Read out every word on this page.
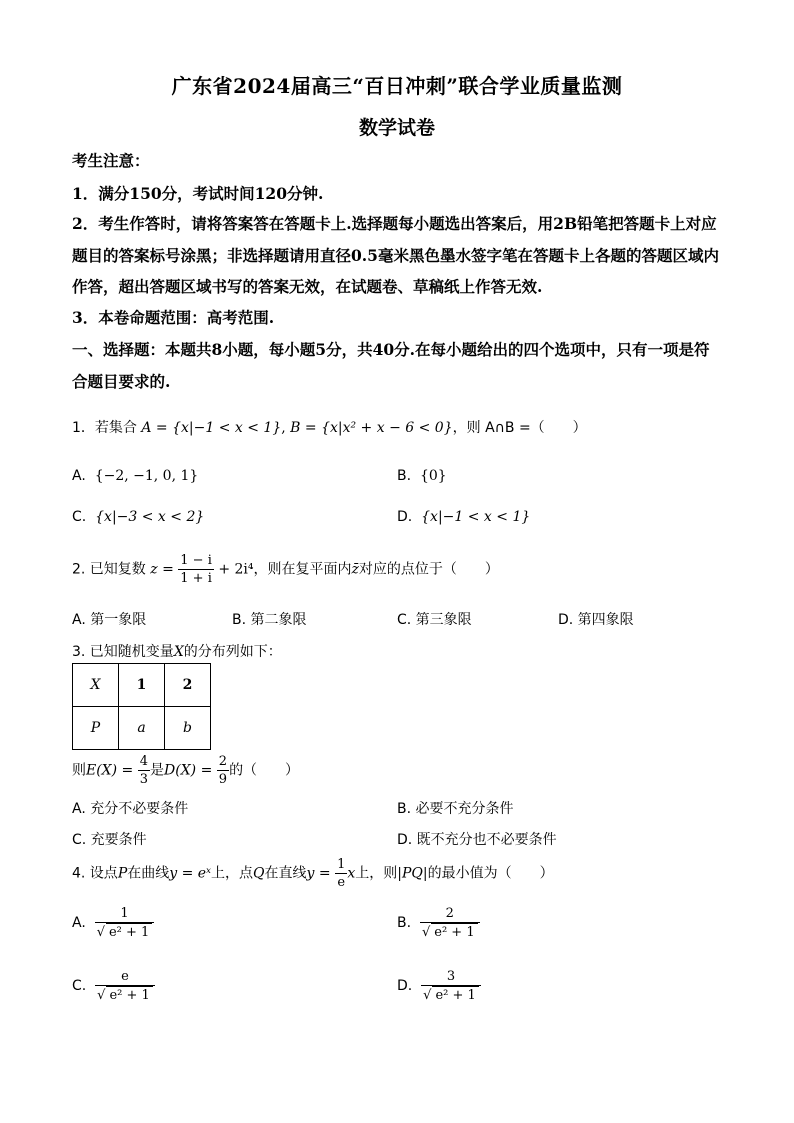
广东省2024届高三“百日冲刺”联合学业质量监测
数学试卷
考生注意：
1．满分150分，考试时间120分钟.
2．考生作答时，请将答案答在答题卡上.选择题每小题选出答案后，用2B铅笔把答题卡上对应题目的答案标号涂黑；非选择题请用直径0.5毫米黑色墨水签字笔在答题卡上各题的答题区域内作答，超出答题区域书写的答案无效，在试题卷、草稿纸上作答无效.
3．本卷命题范围：高考范围.
一、选择题：本题共8小题，每小题5分，共40分.在每小题给出的四个选项中，只有一项是符合题目要求的.
1．若集合 A = {x|−1 < x < 1}, B = {x|x² + x − 6 < 0}，则 A∩B =（　　）
A. {−2, −1, 0, 1}	B. {0}
C. {x|−3 < x < 2}	D. {x|−1 < x < 1}
2. 已知复数 $z = \frac{1 - i}{1 + i} + 2i^4$，则在复平面内z̄对应的点位于（　　）
A. 第一象限	B. 第二象限	C. 第三象限	D. 第四象限
3. 已知随机变量X的分布列如下：
X	1	2
P	a	b
则$E(X) = \frac{4}{3}$ 是$D(X) = \frac{2}{9}$ 的（　　）
A. 充分不必要条件	B. 必要不充分条件
C. 充要条件	D. 既不充分也不必要条件
4. 设点P在曲线y = eˣ上，点Q在直线$y = \frac{1}{e}$ x上，则|PQ|的最小值为（　　）
A. $\frac{1}{\text{√ e² + 1}}$	B. $\frac{2}{\text{√ e² + 1}}$
C. $\frac{e}{\text{√ e² + 1}}$	D. $\frac{3}{\text{√ e² + 1}}$
